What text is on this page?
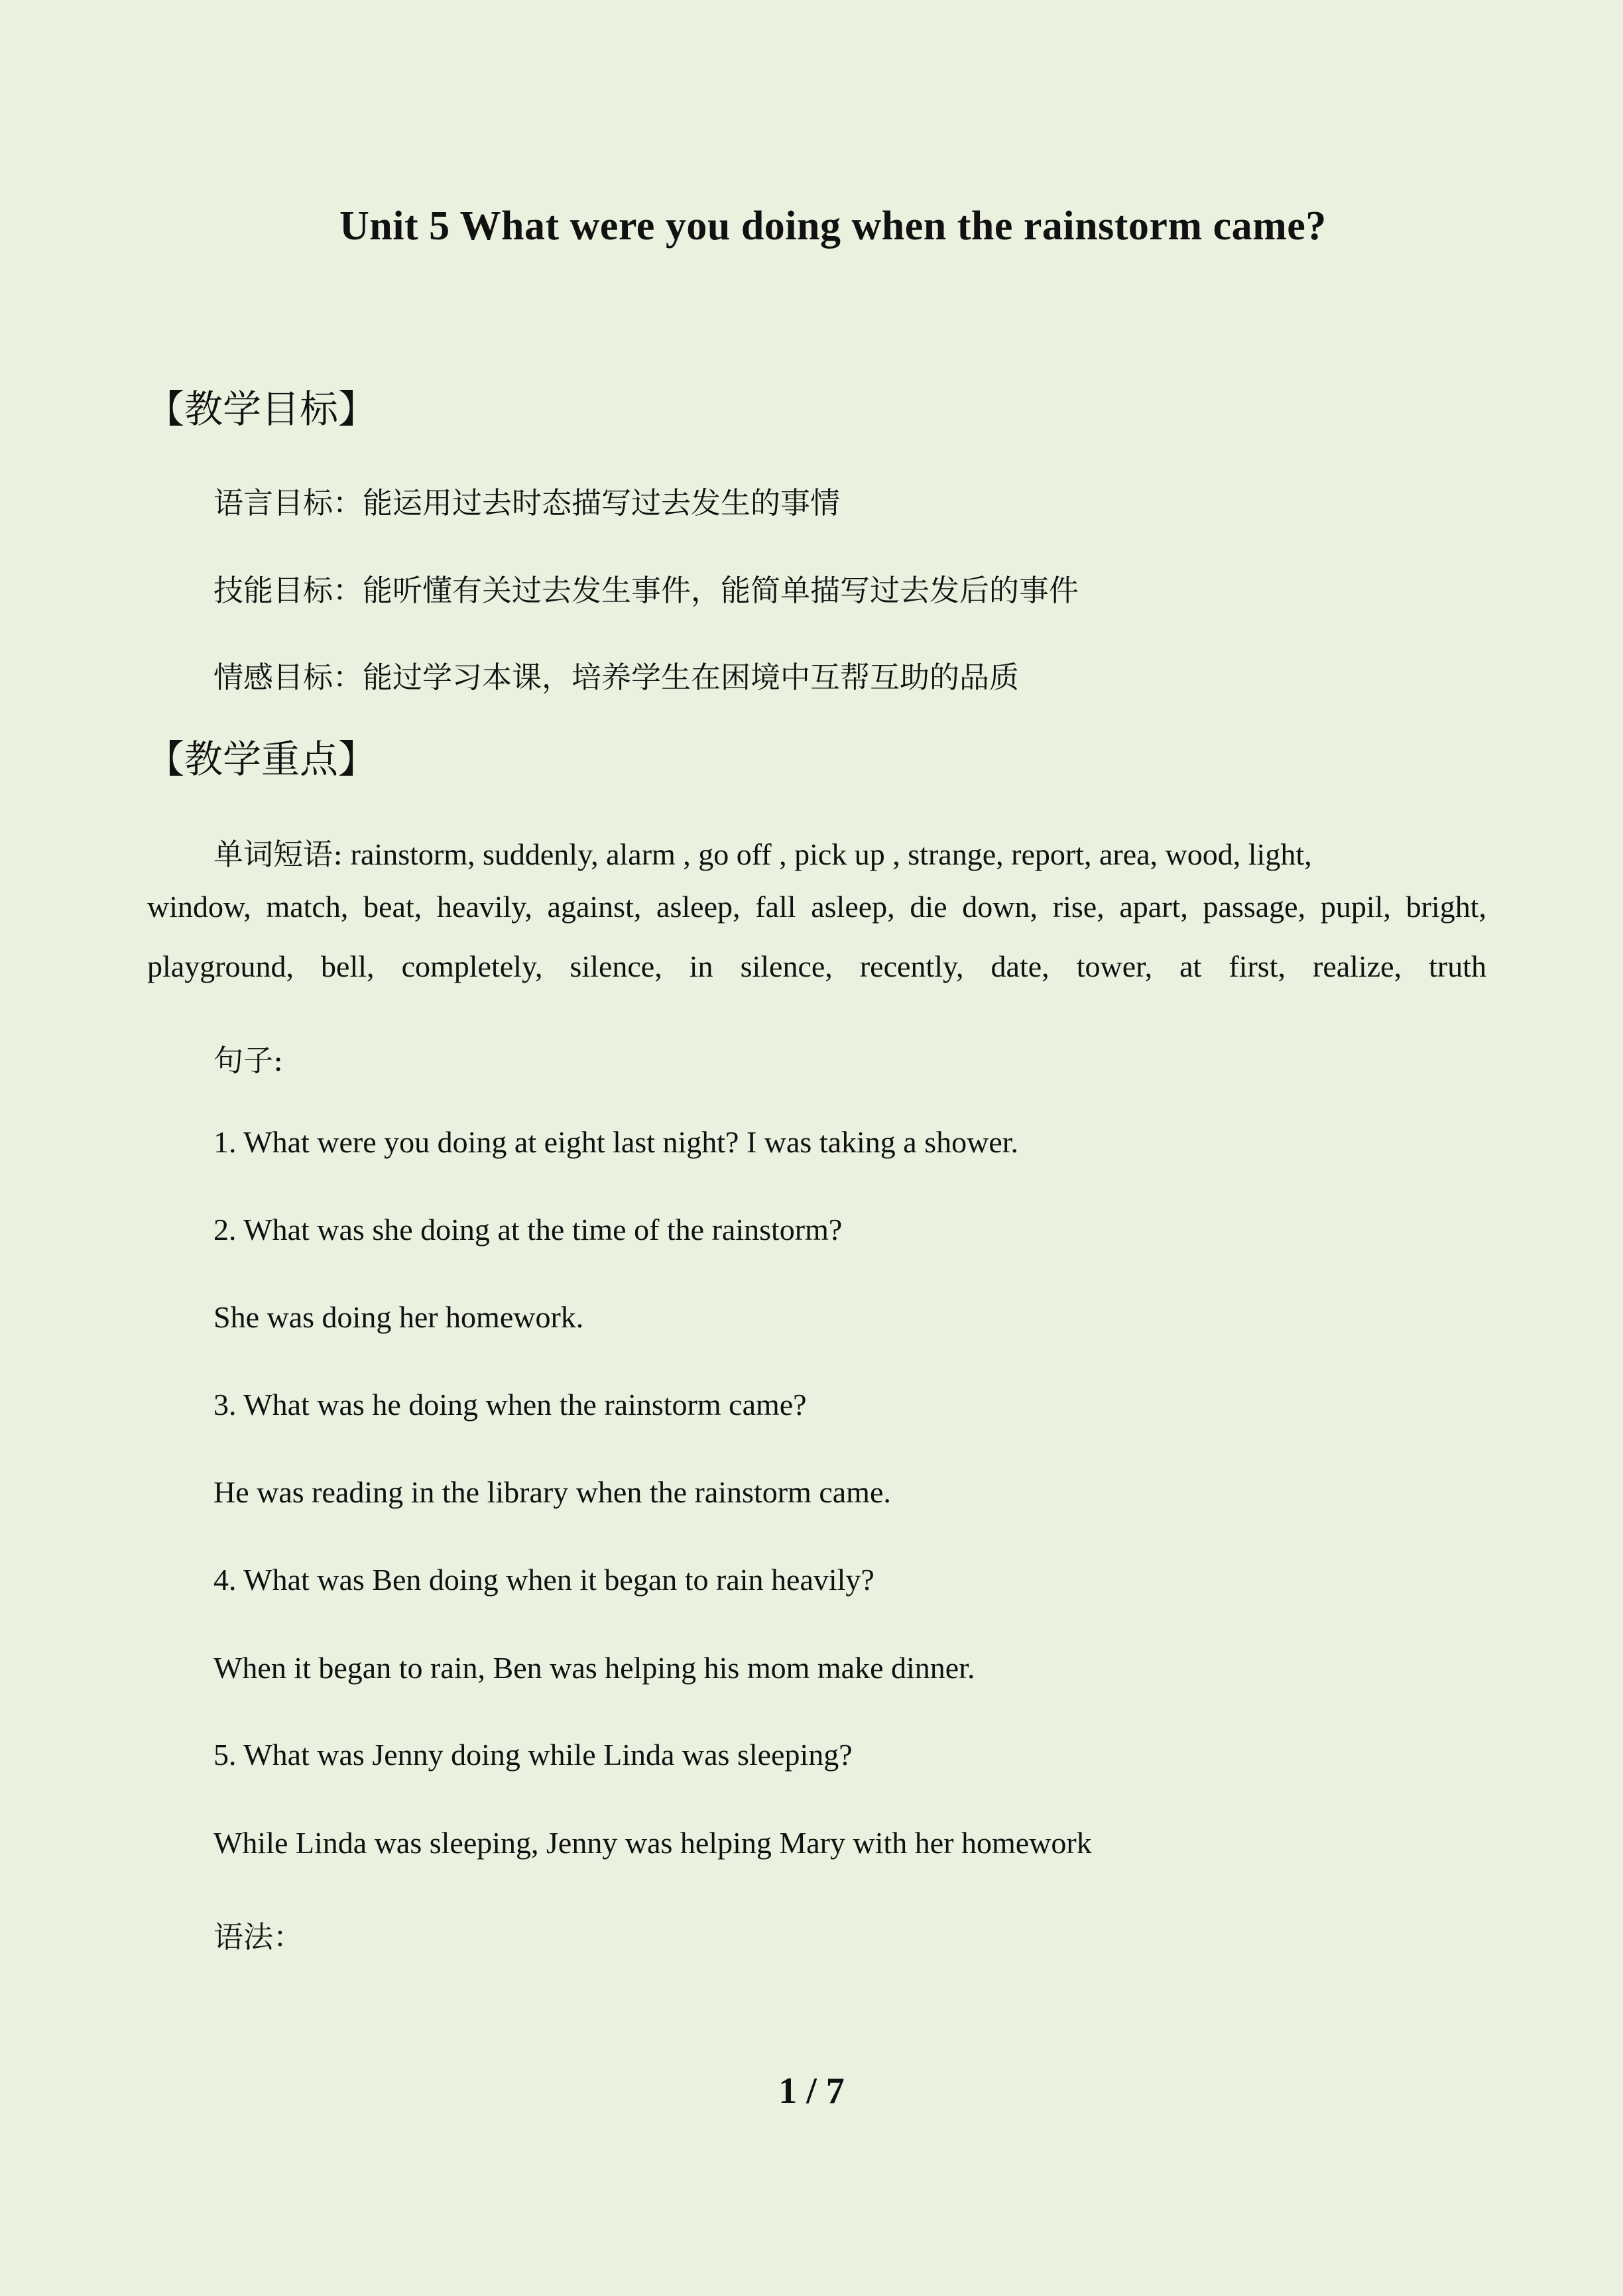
Unit 5 What were you doing when the rainstorm came?
【教学目标】
语言目标：能运用过去时态描写过去发生的事情
技能目标：能听懂有关过去发生事件，能简单描写过去发后的事件
情感目标：能过学习本课，培养学生在困境中互帮互助的品质
【教学重点】
单词短语: rainstorm, suddenly, alarm , go off , pick up , strange, report, area, wood, light,
window, match, beat, heavily, against, asleep, fall asleep, die down, rise, apart, passage, pupil, bright,
playground, bell, completely, silence, in silence, recently, date, tower, at first, realize, truth
句子:
1. What were you doing at eight last night? I was taking a shower.
2. What was she doing at the time of the rainstorm?
She was doing her homework.
3. What was he doing when the rainstorm came?
He was reading in the library when the rainstorm came.
4. What was Ben doing when it began to rain heavily?
When it began to rain, Ben was helping his mom make dinner.
5. What was Jenny doing while Linda was sleeping?
While Linda was sleeping, Jenny was helping Mary with her homework
语法：
1 / 7
